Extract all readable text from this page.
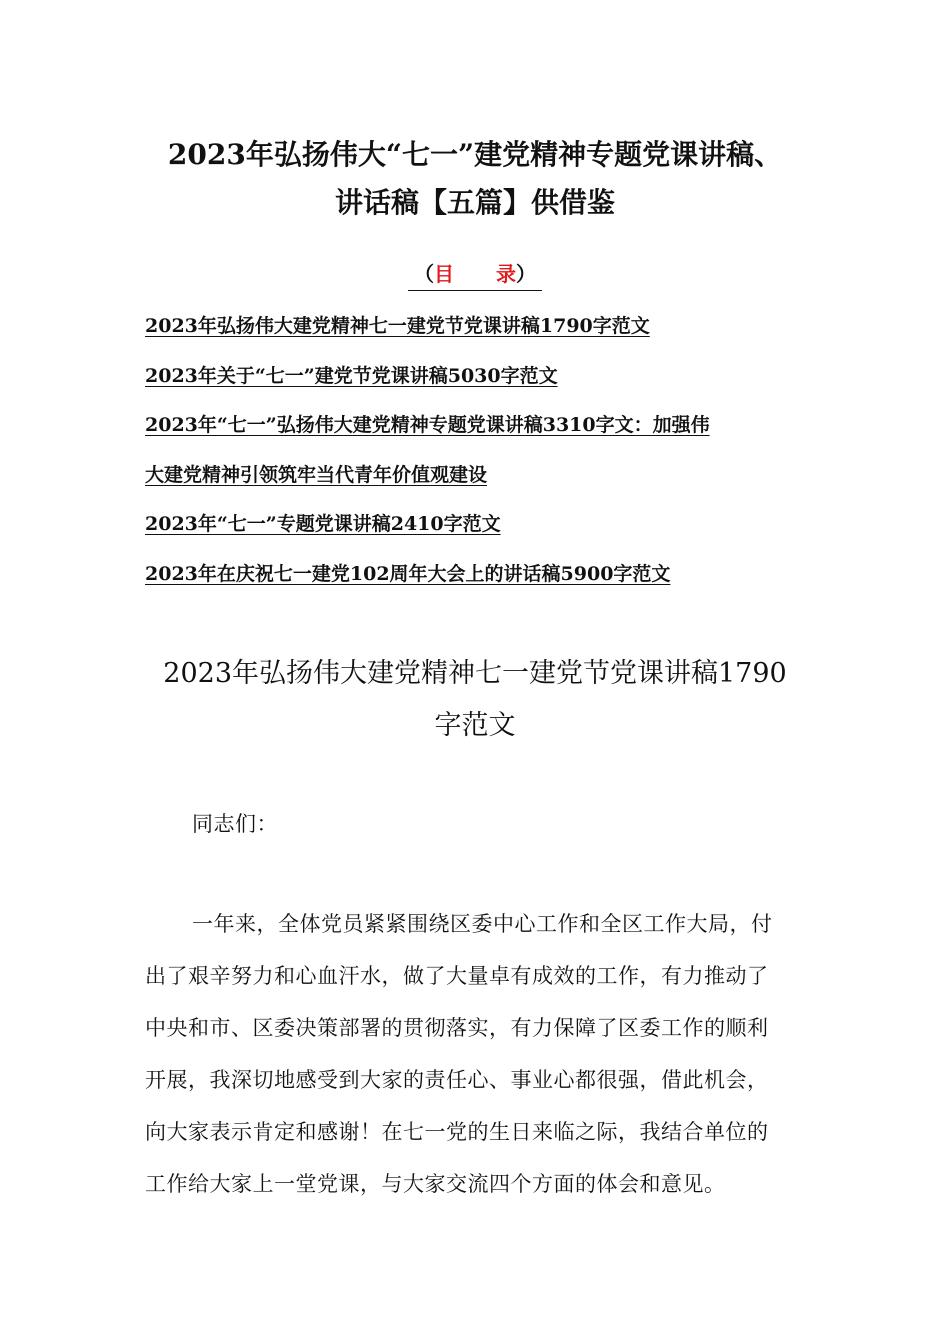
2023年弘扬伟大“七一”建党精神专题党课讲稿、
讲话稿【五篇】供借鉴
（目 录）
2023年弘扬伟大建党精神七一建党节党课讲稿1790字范文
2023年关于“七一”建党节党课讲稿5030字范文
2023年“七一”弘扬伟大建党精神专题党课讲稿3310字文：加强伟
大建党精神引领筑牢当代青年价值观建设
2023年“七一”专题党课讲稿2410字范文
2023年在庆祝七一建党102周年大会上的讲话稿5900字范文
2023年弘扬伟大建党精神七一建党节党课讲稿1790
字范文
同志们：
一年来，全体党员紧紧围绕区委中心工作和全区工作大局，付
出了艰辛努力和心血汗水，做了大量卓有成效的工作，有力推动了
中央和市、区委决策部署的贯彻落实，有力保障了区委工作的顺利
开展，我深切地感受到大家的责任心、事业心都很强，借此机会，
向大家表示肯定和感谢！在七一党的生日来临之际，我结合单位的
工作给大家上一堂党课，与大家交流四个方面的体会和意见。
